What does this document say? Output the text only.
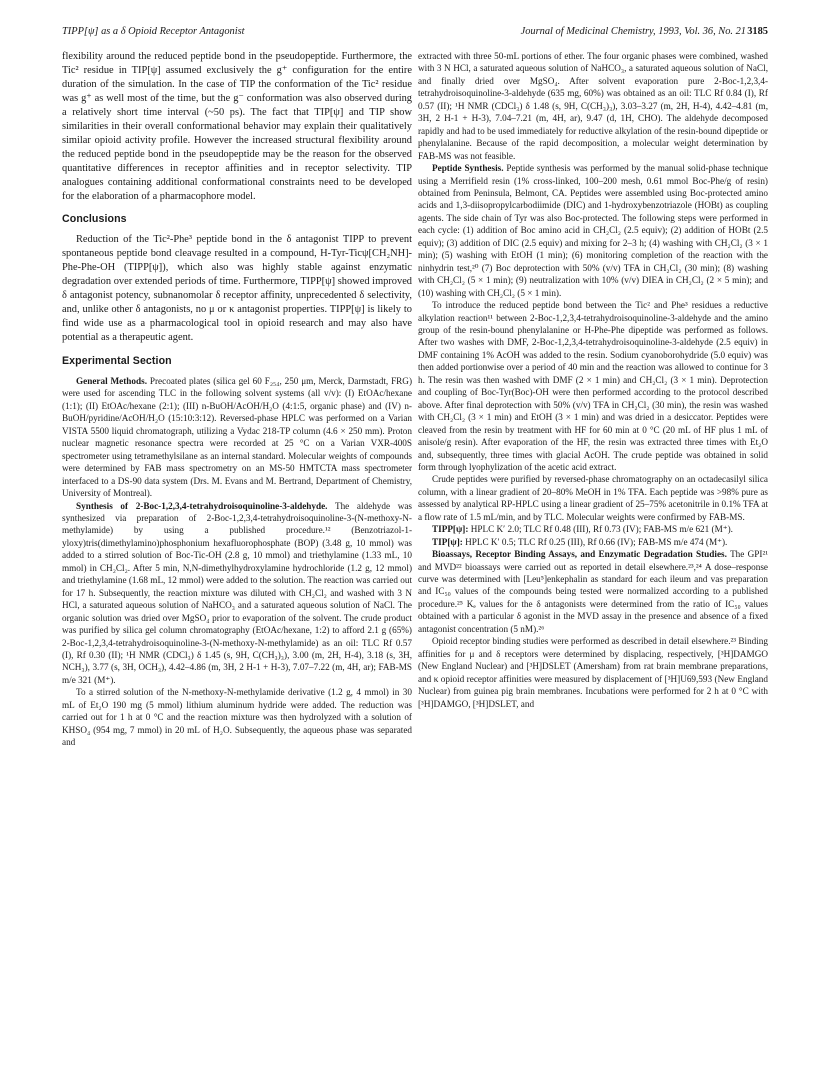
TIPP[ψ] as a δ Opioid Receptor Antagonist	Journal of Medicinal Chemistry, 1993, Vol. 36, No. 21 3185

flexibility around the reduced peptide bond in the pseudopeptide. Furthermore, the Tic² residue in TIP[ψ] assumed exclusively the g⁺ configuration for the entire duration of the simulation. In the case of TIP the conformation of the Tic² residue was g⁺ as well most of the time, but the g⁻ conformation was also observed during a relatively short time interval (~50 ps). The fact that TIP[ψ] and TIP show similarities in their overall conformational behavior may explain their qualitatively similar opioid activity profile. However the increased structural flexibility around the reduced peptide bond in the pseudopeptide may be the reason for the observed quantitative differences in receptor affinities and in receptor selectivity. TIP analogues containing additional conformational constraints need to be developed for the elaboration of a pharmacophore model.

Conclusions

Reduction of the Tic²-Phe³ peptide bond in the δ antagonist TIPP to prevent spontaneous peptide bond cleavage resulted in a compound, H-Tyr-Ticψ[CH₂NH]-Phe-Phe-OH (TIPP[ψ]), which also was highly stable against enzymatic degradation over extended periods of time. Furthermore, TIPP[ψ] showed improved δ antagonist potency, subnanomolar δ receptor affinity, unprecedented δ selectivity, and, unlike other δ antagonists, no μ or κ antagonist properties. TIPP[ψ] is likely to find wide use as a pharmacological tool in opioid research and may also have potential as a therapeutic agent.

Experimental Section

General Methods. Precoated plates (silica gel 60 F₂₅₄, 250 μm, Merck, Darmstadt, FRG) were used for ascending TLC in the following solvent systems (all v/v): (I) EtOAc/hexane (1:1); (II) EtOAc/hexane (2:1); (III) n-BuOH/AcOH/H₂O (4:1:5, organic phase) and (IV) n-BuOH/pyridine/AcOH/H₂O (15:10:3:12). Reversed-phase HPLC was performed on a Varian VISTA 5500 liquid chromatograph, utilizing a Vydac 218-TP column (4.6 × 250 mm). Proton nuclear magnetic resonance spectra were recorded at 25 °C on a Varian VXR-400S spectrometer using tetramethylsilane as an internal standard. Molecular weights of compounds were determined by FAB mass spectrometry on an MS-50 HMTCTA mass spectrometer interfaced to a DS-90 data system (Drs. M. Evans and M. Bertrand, Department of Chemistry, University of Montreal).

Synthesis of 2-Boc-1,2,3,4-tetrahydroisoquinoline-3-aldehyde. The aldehyde was synthesized via preparation of 2-Boc-1,2,3,4-tetrahydroisoquinoline-3-(N-methoxy-N-methylamide) by using a published procedure.¹² (Benzotriazol-1-yloxy)tris(dimethylamino)phosphonium hexafluorophosphate (BOP) (3.48 g, 10 mmol) was added to a stirred solution of Boc-Tic-OH (2.8 g, 10 mmol) and triethylamine (1.33 mL, 10 mmol) in CH₂Cl₂. After 5 min, N,N-dimethylhydroxylamine hydrochloride (1.2 g, 12 mmol) and triethylamine (1.68 mL, 12 mmol) were added to the solution. The reaction was carried out for 17 h. Subsequently, the reaction mixture was diluted with CH₂Cl₂ and washed with 3 N HCl, a saturated aqueous solution of NaHCO₃ and a saturated aqueous solution of NaCl. The organic solution was dried over MgSO₄ prior to evaporation of the solvent. The crude product was purified by silica gel column chromatography (EtOAc/hexane, 1:2) to afford 2.1 g (65%) 2-Boc-1,2,3,4-tetrahydroisoquinoline-3-(N-methoxy-N-methylamide) as an oil: TLC Rf 0.57 (I), Rf 0.30 (II); ¹H NMR (CDCl₃) δ 1.45 (s, 9H, C(CH₃)₃), 3.00 (m, 2H, H-4), 3.18 (s, 3H, NCH₃), 3.77 (s, 3H, OCH₃), 4.42–4.86 (m, 3H, 2 H-1 + H-3), 7.07–7.22 (m, 4H, ar); FAB-MS m/e 321 (M⁺).

To a stirred solution of the N-methoxy-N-methylamide derivative (1.2 g, 4 mmol) in 30 mL of Et₂O 190 mg (5 mmol) lithium aluminum hydride were added. The reduction was carried out for 1 h at 0 °C and the reaction mixture was then hydrolyzed with a solution of KHSO₄ (954 mg, 7 mmol) in 20 mL of H₂O. Subsequently, the aqueous phase was separated and

extracted with three 50-mL portions of ether. The four organic phases were combined, washed with 3 N HCl, a saturated aqueous solution of NaHCO₃, a saturated aqueous solution of NaCl, and finally dried over MgSO₄. After solvent evaporation pure 2-Boc-1,2,3,4-tetrahydroisoquinoline-3-aldehyde (635 mg, 60%) was obtained as an oil: TLC Rf 0.84 (I), Rf 0.57 (II); ¹H NMR (CDCl₃) δ 1.48 (s, 9H, C(CH₃)₃), 3.03–3.27 (m, 2H, H-4), 4.42–4.81 (m, 3H, 2 H-1 + H-3), 7.04–7.21 (m, 4H, ar), 9.47 (d, 1H, CHO). The aldehyde decomposed rapidly and had to be used immediately for reductive alkylation of the resin-bound dipeptide or phenylalanine. Because of the rapid decomposition, a molecular weight determination by FAB-MS was not feasible.

Peptide Synthesis. Peptide synthesis was performed by the manual solid-phase technique using a Merrifield resin (1% cross-linked, 100–200 mesh, 0.61 mmol Boc-Phe/g of resin) obtained from Peninsula, Belmont, CA. Peptides were assembled using Boc-protected amino acids and 1,3-diisopropylcarbodiimide (DIC) and 1-hydroxybenzotriazole (HOBt) as coupling agents. The side chain of Tyr was also Boc-protected. The following steps were performed in each cycle: (1) addition of Boc amino acid in CH₂Cl₂ (2.5 equiv); (2) addition of HOBt (2.5 equiv); (3) addition of DIC (2.5 equiv) and mixing for 2–3 h; (4) washing with CH₂Cl₂ (3 × 1 min); (5) washing with EtOH (1 min); (6) monitoring completion of the reaction with the ninhydrin test,²⁰ (7) Boc deprotection with 50% (v/v) TFA in CH₂Cl₂ (30 min); (8) washing with CH₂Cl₂ (5 × 1 min); (9) neutralization with 10% (v/v) DIEA in CH₂Cl₂ (2 × 5 min); and (10) washing with CH₂Cl₂ (5 × 1 min).

To introduce the reduced peptide bond between the Tic² and Phe³ residues a reductive alkylation reaction¹¹ between 2-Boc-1,2,3,4-tetrahydroisoquinoline-3-aldehyde and the amino group of the resin-bound phenylalanine or H-Phe-Phe dipeptide was performed as follows. After two washes with DMF, 2-Boc-1,2,3,4-tetrahydroisoquinoline-3-aldehyde (2.5 equiv) in DMF containing 1% AcOH was added to the resin. Sodium cyanoborohydride (5.0 equiv) was then added portionwise over a period of 40 min and the reaction was allowed to continue for 3 h. The resin was then washed with DMF (2 × 1 min) and CH₂Cl₂ (3 × 1 min). Deprotection and coupling of Boc-Tyr(Boc)-OH were then performed according to the protocol described above. After final deprotection with 50% (v/v) TFA in CH₂Cl₂ (30 min), the resin was washed with CH₂Cl₂ (3 × 1 min) and EtOH (3 × 1 min) and was dried in a desiccator. Peptides were cleaved from the resin by treatment with HF for 60 min at 0 °C (20 mL of HF plus 1 mL of anisole/g resin). After evaporation of the HF, the resin was extracted three times with Et₂O and, subsequently, three times with glacial AcOH. The crude peptide was obtained in solid form through lyophylization of the acetic acid extract.

Crude peptides were purified by reversed-phase chromatography on an octadecasilyl silica column, with a linear gradient of 20–80% MeOH in 1% TFA. Each peptide was >98% pure as assessed by analytical RP-HPLC using a linear gradient of 25–75% acetonitrile in 0.1% TFA at a flow rate of 1.5 mL/min, and by TLC. Molecular weights were confirmed by FAB-MS.

TIPP[ψ]: HPLC K′ 2.0; TLC Rf 0.48 (III), Rf 0.73 (IV); FAB-MS m/e 621 (M⁺).

TIP[ψ]: HPLC K′ 0.5; TLC Rf 0.25 (III), Rf 0.66 (IV); FAB-MS m/e 474 (M⁺).

Bioassays, Receptor Binding Assays, and Enzymatic Degradation Studies. The GPI²¹ and MVD²² bioassays were carried out as reported in detail elsewhere.²³,²⁴ A dose–response curve was determined with [Leu⁵]enkephalin as standard for each ileum and vas preparation and IC₅₀ values of the compounds being tested were normalized according to a published procedure.²⁵ Kₑ values for the δ antagonists were determined from the ratio of IC₅₀ values obtained with a particular δ agonist in the MVD assay in the presence and absence of a fixed antagonist concentration (5 nM).²⁶

Opioid receptor binding studies were performed as described in detail elsewhere.²³ Binding affinities for μ and δ receptors were determined by displacing, respectively, [³H]DAMGO (New England Nuclear) and [³H]DSLET (Amersham) from rat brain membrane preparations, and κ opioid receptor affinities were measured by displacement of [³H]U69,593 (New England Nuclear) from guinea pig brain membranes. Incubations were performed for 2 h at 0 °C with [³H]DAMGO, [³H]DSLET, and
